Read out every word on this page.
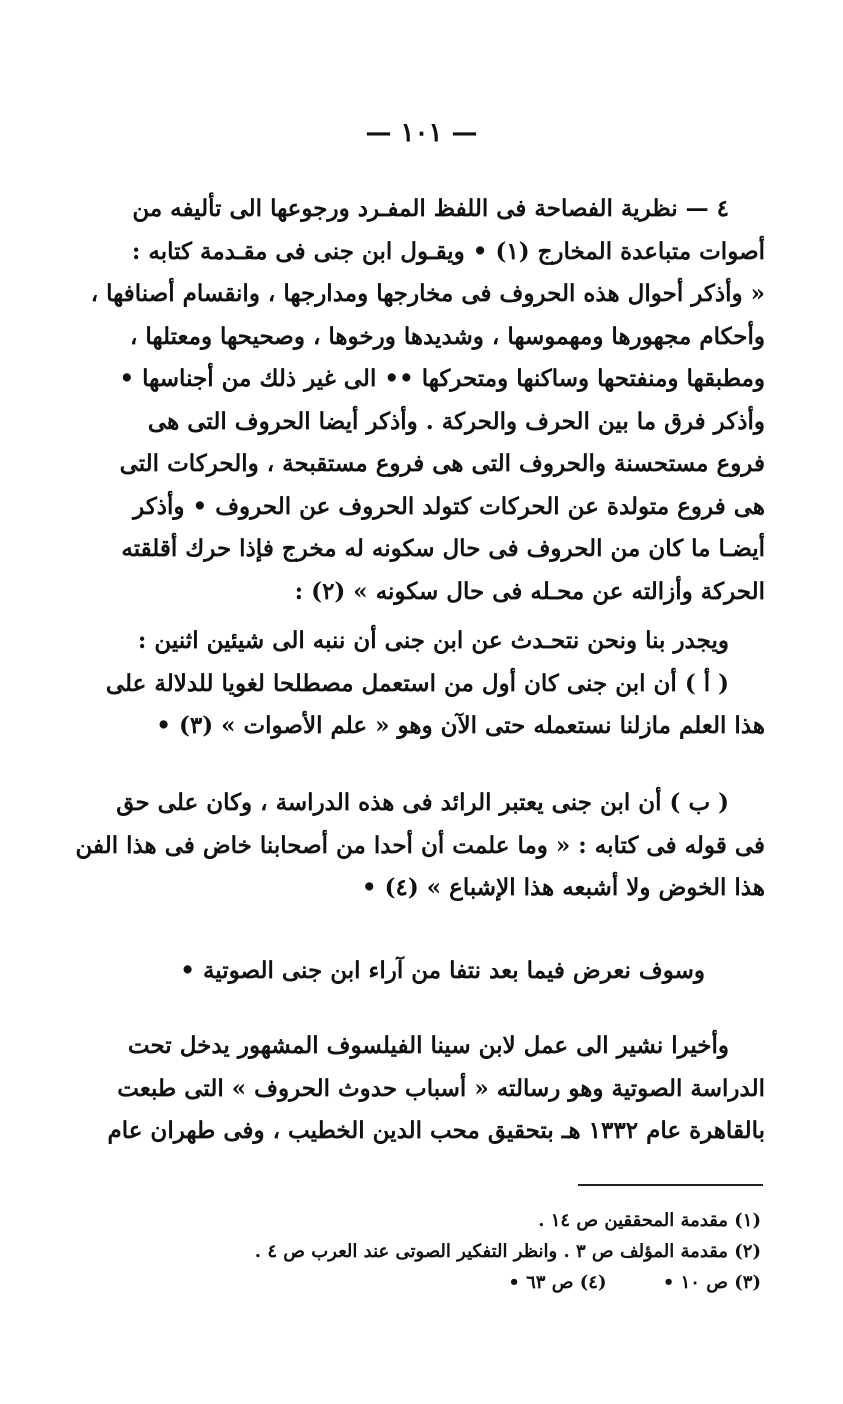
— ١٠١ —
٤ — نظرية الفصاحة فى اللفظ المفـرد ورجوعها الى تأليفه من
أصوات متباعدة المخارج (١) • ويقـول ابن جنى فى مقـدمة كتابه :
« وأذكر أحوال هذه الحروف فى مخارجها ومدارجها ، وانقسام أصنافها ،
وأحكام مجهورها ومهموسها ، وشديدها ورخوها ، وصحيحها ومعتلها ،
ومطبقها ومنفتحها وساكنها ومتحركها •• الى غير ذلك من أجناسها •
وأذكر فرق ما بين الحرف والحركة . وأذكر أيضا الحروف التى هى
فروع مستحسنة والحروف التى هى فروع مستقبحة ، والحركات التى
هى فروع متولدة عن الحركات كتولد الحروف عن الحروف • وأذكر
أيضـا ما كان من الحروف فى حال سكونه له مخرج فإذا حرك أقلقته
الحركة وأزالته عن محـله فى حال سكونه » (٢) :
ويجدر بنا ونحن نتحـدث عن ابن جنى أن ننبه الى شيئين اثنين :
( أ ) أن ابن جنى كان أول من استعمل مصطلحا لغويا للدلالة على
هذا العلم مازلنا نستعمله حتى الآن وهو « علم الأصوات » (٣) •
( ب ) أن ابن جنى يعتبر الرائد فى هذه الدراسة ، وكان على حق
فى قوله فى كتابه : « وما علمت أن أحدا من أصحابنا خاض فى هذا الفن
هذا الخوض ولا أشبعه هذا الإشباع » (٤) •
وسوف نعرض فيما بعد نتفا من آراء ابن جنى الصوتية •
وأخيرا نشير الى عمل لابن سينا الفيلسوف المشهور يدخل تحت
الدراسة الصوتية وهو رسالته « أسباب حدوث الحروف » التى طبعت
بالقاهرة عام ١٣٣٢ هـ بتحقيق محب الدين الخطيب ، وفى طهران عام
(١) مقدمة المحققين ص ١٤ .
(٢) مقدمة المؤلف ص ٣ . وانظر التفكير الصوتى عند العرب ص ٤ .
(٣) ص ١٠ •         (٤) ص ٦٣ •
